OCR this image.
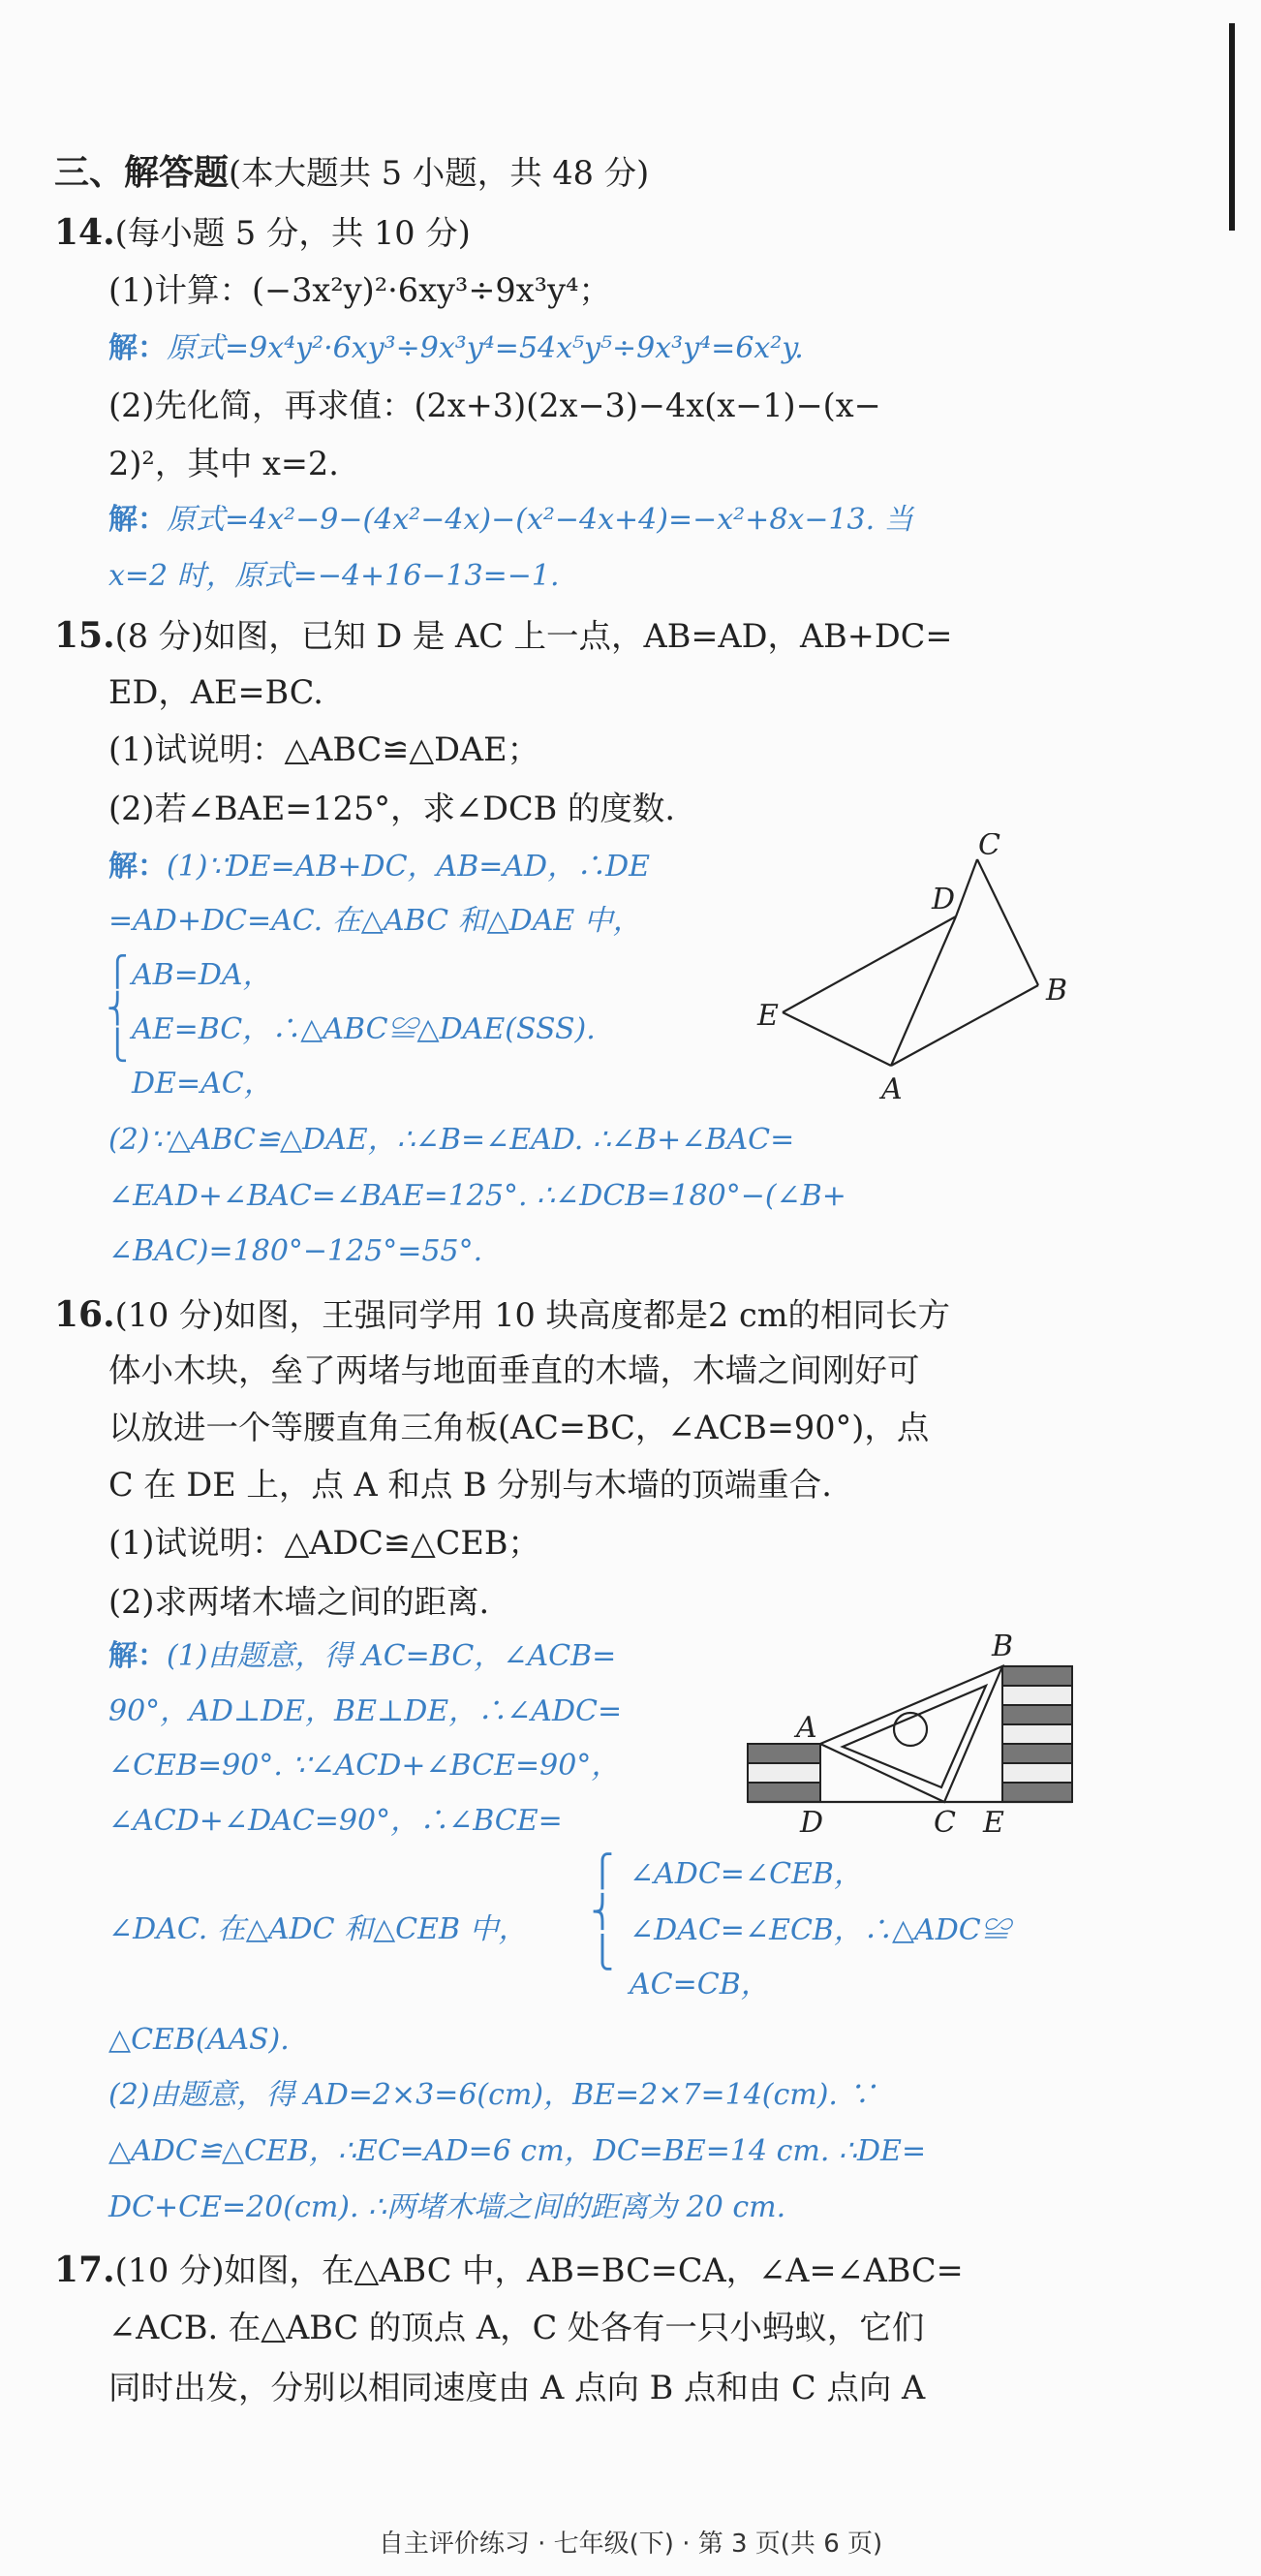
三、解答题(本大题共 5 小题，共 48 分)
14.(每小题 5 分，共 10 分)
(1)计算：(−3x²y)²·6xy³÷9x³y⁴；
解：原式=9x⁴y²·6xy³÷9x³y⁴=54x⁵y⁵÷9x³y⁴=6x²y.
(2)先化简，再求值：(2x+3)(2x−3)−4x(x−1)−(x−
2)²，其中 x=2.
解：原式=4x²−9−(4x²−4x)−(x²−4x+4)=−x²+8x−13. 当
x=2 时，原式=−4+16−13=−1.
15.(8 分)如图，已知 D 是 AC 上一点，AB=AD，AB+DC=
ED，AE=BC.
(1)试说明：△ABC≌△DAE；
(2)若∠BAE=125°，求∠DCB 的度数.
解：(1)∵DE=AB+DC，AB=AD，∴DE
=AD+DC=AC. 在△ABC 和△DAE 中，
⎧
⎨
⎩
AB=DA，
AE=BC，∴△ABC≌△DAE(SSS).
DE=AC，
(2)∵△ABC≌△DAE，∴∠B=∠EAD. ∴∠B+∠BAC=
∠EAD+∠BAC=∠BAE=125°. ∴∠DCB=180°−(∠B+
∠BAC)=180°−125°=55°.
C
D
B
E
A
16.(10 分)如图，王强同学用 10 块高度都是2 cm的相同长方
体小木块，垒了两堵与地面垂直的木墙，木墙之间刚好可
以放进一个等腰直角三角板(AC=BC，∠ACB=90°)，点
C 在 DE 上，点 A 和点 B 分别与木墙的顶端重合.
(1)试说明：△ADC≌△CEB；
(2)求两堵木墙之间的距离.
解：(1)由题意，得 AC=BC，∠ACB=
90°，AD⊥DE，BE⊥DE，∴∠ADC=
∠CEB=90°. ∵∠ACD+∠BCE=90°，
∠ACD+∠DAC=90°，∴∠BCE=
∠DAC. 在△ADC 和△CEB 中，
⎧
⎨
⎩
∠ADC=∠CEB，
∠DAC=∠ECB，∴△ADC≌
AC=CB，
△CEB(AAS).
(2)由题意，得 AD=2×3=6(cm)，BE=2×7=14(cm). ∵
△ADC≌△CEB，∴EC=AD=6 cm，DC=BE=14 cm. ∴DE=
DC+CE=20(cm). ∴两堵木墙之间的距离为 20 cm.
B
A
D	C E
17.(10 分)如图，在△ABC 中，AB=BC=CA，∠A=∠ABC=
∠ACB. 在△ABC 的顶点 A，C 处各有一只小蚂蚁，它们
同时出发，分别以相同速度由 A 点向 B 点和由 C 点向 A
自主评价练习 · 七年级(下) · 第 3 页(共 6 页)
